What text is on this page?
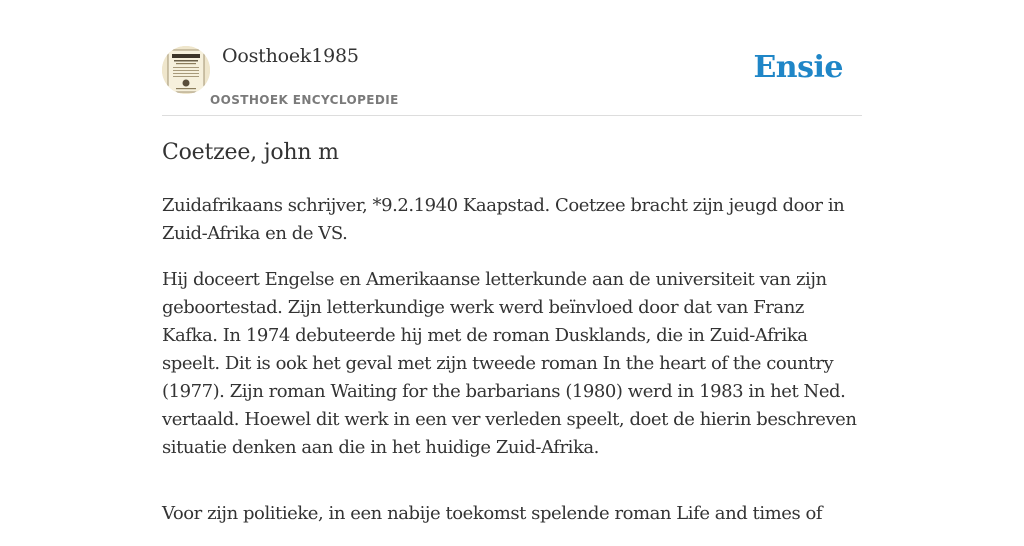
Oosthoek1985
OOSTHOEK ENCYCLOPEDIE
Ensie
Coetzee, john m

Zuidafrikaans schrijver, *9.2.1940 Kaapstad. Coetzee bracht zijn jeugd door in Zuid-Afrika en de VS.

Hij doceert Engelse en Amerikaanse letterkunde aan de universiteit van zijn geboortestad. Zijn letterkundige werk werd beïnvloed door dat van Franz Kafka. In 1974 debuteerde hij met de roman Dusklands, die in Zuid-Afrika speelt. Dit is ook het geval met zijn tweede roman In the heart of the country (1977). Zijn roman Waiting for the barbarians (1980) werd in 1983 in het Ned. vertaald. Hoewel dit werk in een ver verleden speelt, doet de hierin beschreven situatie denken aan die in het huidige Zuid-Afrika.

Voor zijn politieke, in een nabije toekomst spelende roman Life and times of
